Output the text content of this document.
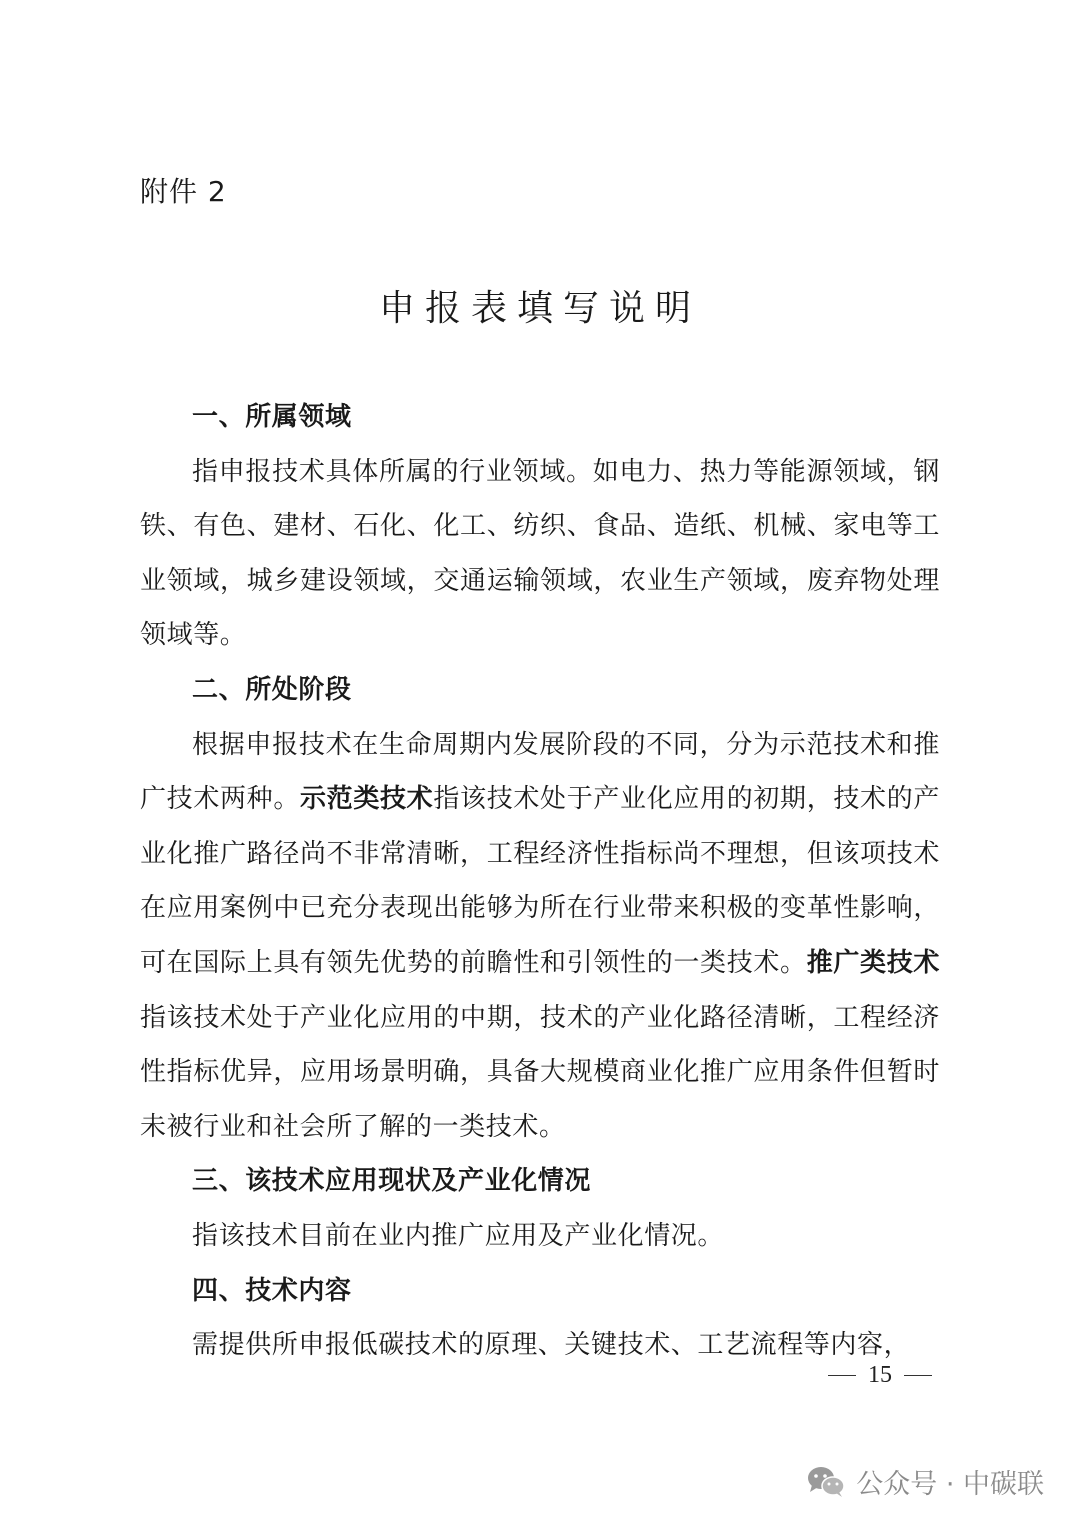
附件 2
申报表填写说明

一、所属领域

指申报技术具体所属的行业领域。如电力、热力等能源领域，钢铁、有色、建材、石化、化工、纺织、食品、造纸、机械、家电等工业领域，城乡建设领域，交通运输领域，农业生产领域，废弃物处理领域等。

二、所处阶段

根据申报技术在生命周期内发展阶段的不同，分为示范技术和推广技术两种。示范类技术指该技术处于产业化应用的初期，技术的产业化推广路径尚不非常清晰，工程经济性指标尚不理想，但该项技术在应用案例中已充分表现出能够为所在行业带来积极的变革性影响，可在国际上具有领先优势的前瞻性和引领性的一类技术。推广类技术指该技术处于产业化应用的中期，技术的产业化路径清晰，工程经济性指标优异，应用场景明确，具备大规模商业化推广应用条件但暂时未被行业和社会所了解的一类技术。

三、该技术应用现状及产业化情况

指该技术目前在业内推广应用及产业化情况。

四、技术内容

需提供所申报低碳技术的原理、关键技术、工艺流程等内容，

15
公众号 · 中碳联
